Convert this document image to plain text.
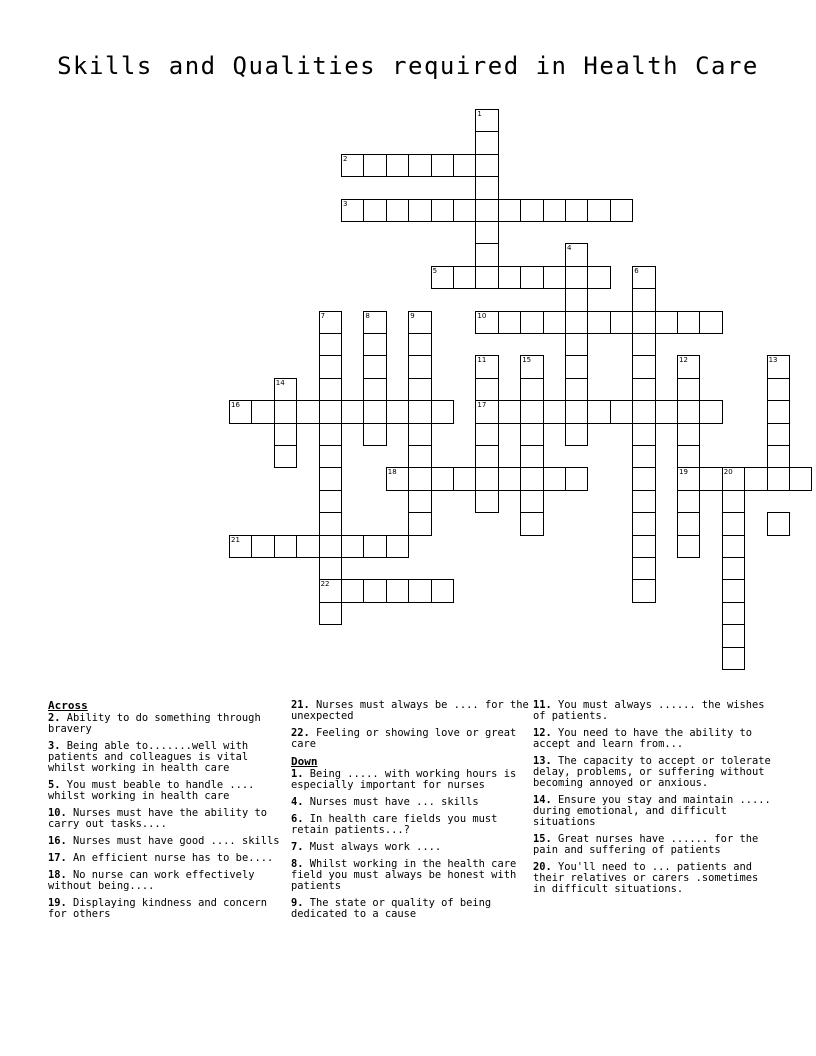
Skills and Qualities required in Health Care
1
2
3
4
5	6
7	8	9	10
11	15	12	13
14
16	17
18	19	20
21
22
Across
2. Ability to do something through bravery
3. Being able to.......well with patients and colleagues is vital whilst working in health care
5. You must beable to handle .... whilst working in health care
10. Nurses must have the ability to carry out tasks....
16. Nurses must have good .... skills
17. An efficient nurse has to be....
18. No nurse can work effectively without being....
19. Displaying kindness and concern for others
21. Nurses must always be .... for the unexpected
22. Feeling or showing love or great care
Down
1. Being ..... with working hours is especially important for nurses
4. Nurses must have ... skills
6. In health care fields you must retain patients...?
7. Must always work ....
8. Whilst working in the health care field you must always be honest with patients
9. The state or quality of being dedicated to a cause
11. You must always ...... the wishes of patients.
12. You need to have the ability to accept and learn from...
13. The capacity to accept or tolerate delay, problems, or suffering without becoming annoyed or anxious.
14. Ensure you stay and maintain ..... during emotional, and difficult situations
15. Great nurses have ...... for the pain and suffering of patients
20. You'll need to ... patients and their relatives or carers .sometimes in difficult situations.
